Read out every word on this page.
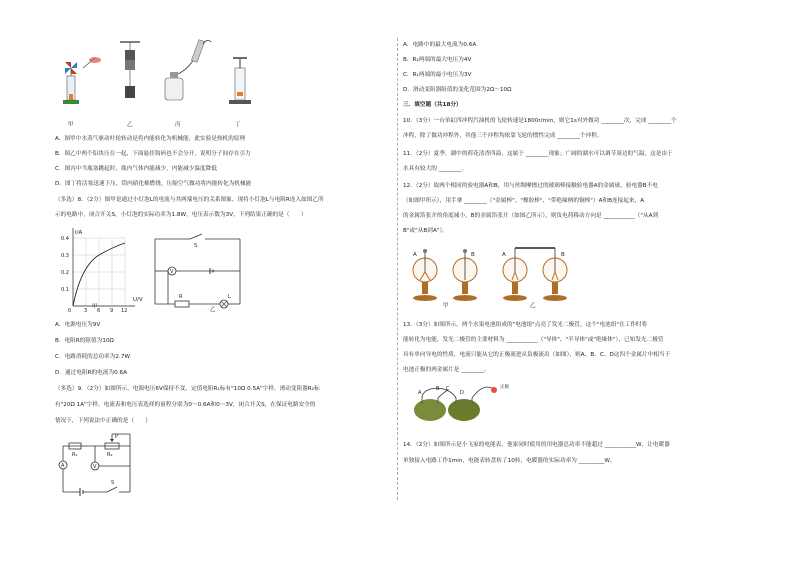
甲	乙	丙	丁
A．图甲中水蒸气驱动叶轮转动是将内能转化为机械能，此实验是热机的原理
B．图乙中两个铅块压在一起，下面悬挂钩码也不会分开，说明分子间存在引力
C．图丙中当瓶塞跳起时，瓶内气体内能减少，内能减少温度降低
D．图丁将活塞迅速下压，筒内硝化棉燃烧，压缩空气做功将内能转化为机械能
（多选）8．（2分）图甲是通过小灯泡L的电流与其两端电压的关系图象，现将小灯泡L与电阻R连入如图乙所
示的电路中，闭合开关S，小灯泡的实际功率为1.8W，电压表示数为3V，下列结果正确的是（　　）
I/A
U/V
0.4
0.3
0.2
0.1
0	3 6 9 12
甲
V
R	L
S
乙
A．电源电压为9V
B．电阻R的阻值为10Ω
C．电路消耗的总功率为2.7W
D．通过电阻R的电流为0.6A
（多选）9．（2分）如图所示，电源电压6V保持不变，定值电阻R₁标有"10Ω 0.5A"字样，滑动变阻器R₂标
有"20Ω 1A"字样，电流表和电压表选择的量程分别为0～0.6A和0～3V，闭合开关S，在保证电路安全的
情况下，下列说法中正确的是（　　）
P
R₁	R₂
A	V
S
A．电路中的最大电流为0.6A
B．R₂两端的最大电压为4V
C．R₁两端的最小电压为3V
D．滑动变阻器阻值的变化范围为2Ω～10Ω
三．填空题（共18分）
10．（3分）一台单缸四冲程汽油机的飞轮转速是1800r/min，则它1s对外做功 ________次，完成 ________个
冲程，除了做功冲程外，其他三个冲程均依靠飞轮的惯性完成 ________个冲程。
11．（2分）夏季，湖中的荷花清香四溢，这属于 ________现象；广阔的湖水可以调节周边的气温，这是由于
水具有较大的 ________。
12．（2分）取两个相同的验电器A和B，用与丝绸摩擦过的玻璃棒接触验电器A的金属球，验电器B不电
（如图甲所示），用手拿 ________（"金属棒"、"橡胶棒"、"带绝缘柄的铜棒"）A和B连接起来，A
的金属箔张开的角度减小，B的金属箔张开（如图乙所示），则负电荷移动方向是 ___________（"从A到
B"或"从B到A"）。
A	B	A	B
甲	乙
13．（3分）如图所示，两个水果电池组成的"电池组"点亮了发光二极管，这个"电池组"在工作时将
能转化为电能，发光二极管的主要材料为 ___________（"导体"、"半导体"或"绝缘体"），已知发光二极管
具有单向导电的性质，电流只能从它的正极流进从负极流出（如图），则A、B、C、D这四个金属片中相当于
电池正极的两金属片是 ________。
A
B C
D
正极
14．（2分）如图所示是小飞家的电能表，他家同时使用的用电器总功率不能超过 ___________W，让电暖器
单独接入电路工作1min，电能表转盘转了10转，电暖器的实际功率为 _________W。
